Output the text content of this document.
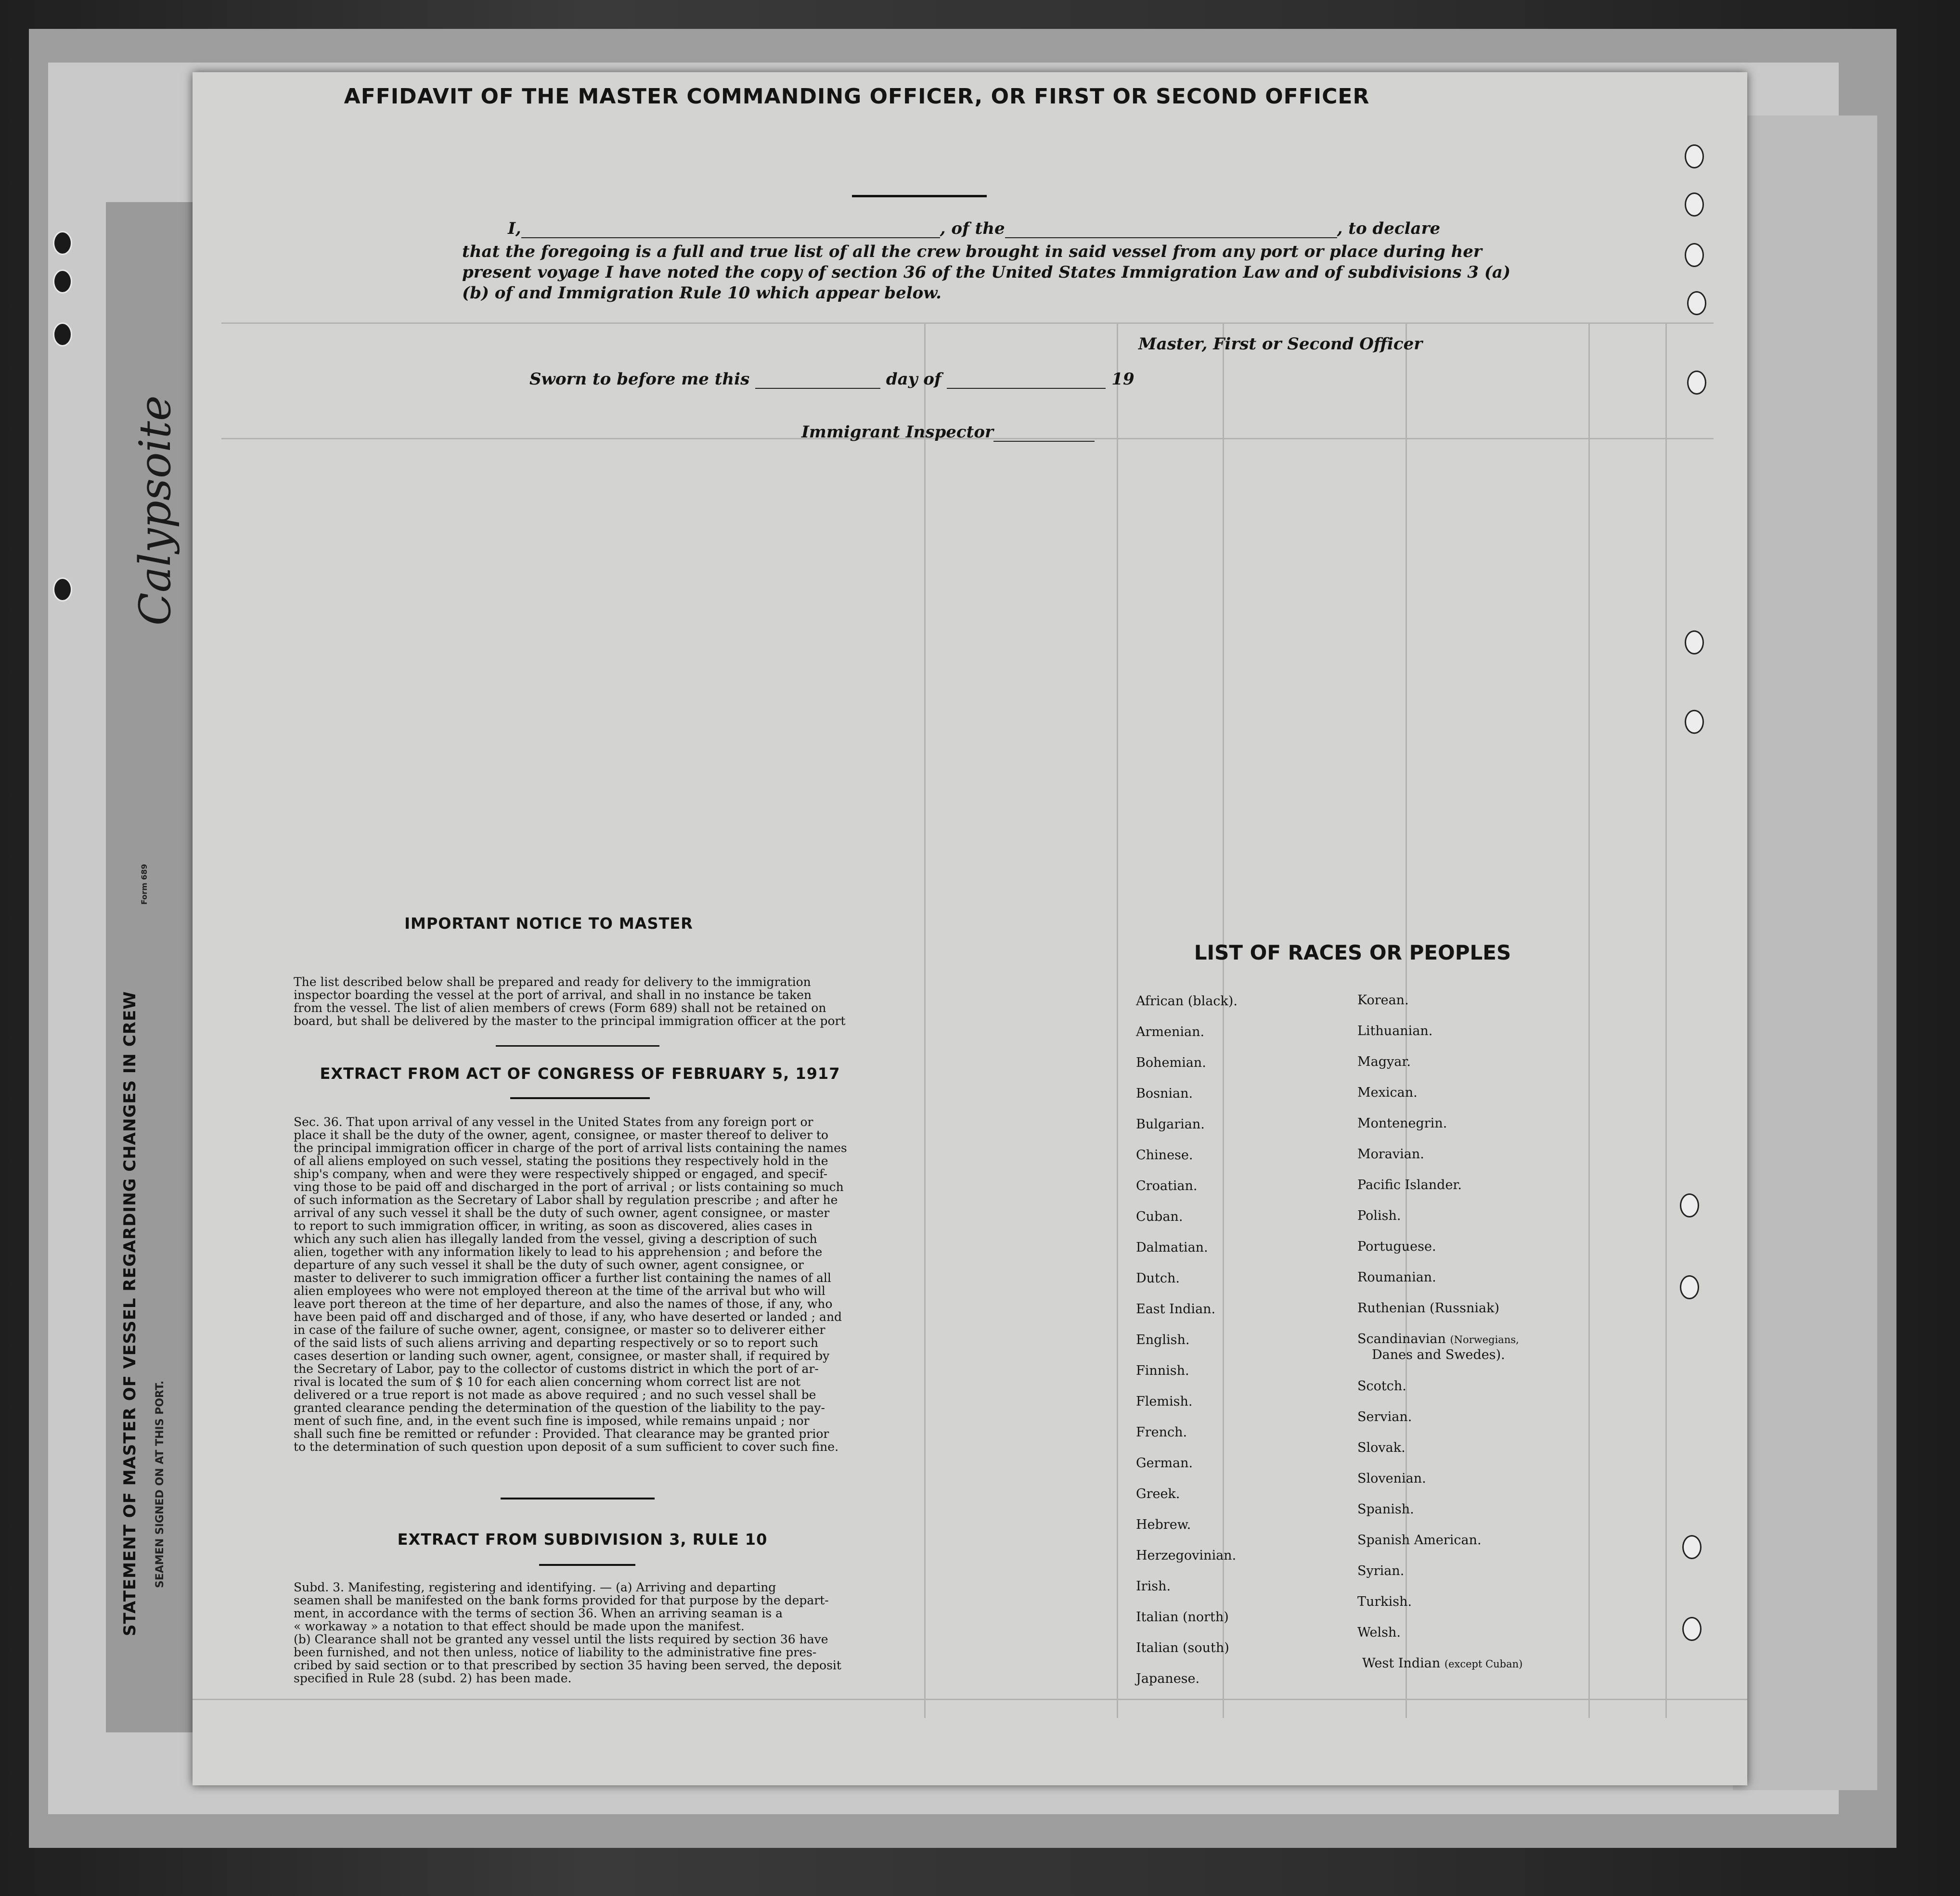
STATEMENT OF MASTER OF VESSEL REGARDING CHANGES IN CREW SEAMEN SIGNED ON AT THIS PORT.
Form 689
Calypsoite
AFFIDAVIT OF THE MASTER COMMANDING OFFICER, OR FIRST OR SECOND OFFICER
I,	, of the	, to declare
that the foregoing is a full and true list of all the crew brought in said vessel from any port or place during her
present voyage I have noted the copy of section 36 of the United States Immigration Law and of subdivisions 3 (a)
(b) of and Immigration Rule 10 which appear below.
Master, First or Second Officer
Sworn to before me this	day of	19
Immigrant Inspector
IMPORTANT NOTICE TO MASTER
The list described below shall be prepared and ready for delivery to the immigration
inspector boarding the vessel at the port of arrival, and shall in no instance be taken
from the vessel. The list of alien members of crews (Form 689) shall not be retained on
board, but shall be delivered by the master to the principal immigration officer at the port
EXTRACT FROM ACT OF CONGRESS OF FEBRUARY 5, 1917
Sec. 36. That upon arrival of any vessel in the United States from any foreign port or
place it shall be the duty of the owner, agent, consignee, or master thereof to deliver to
the principal immigration officer in charge of the port of arrival lists containing the names
of all aliens employed on such vessel, stating the positions they respectively hold in the
ship's company, when and were they were respectively shipped or engaged, and specif-
ving those to be paid off and discharged in the port of arrival ; or lists containing so much
of such information as the Secretary of Labor shall by regulation prescribe ; and after he
arrival of any such vessel it shall be the duty of such owner, agent consignee, or master
to report to such immigration officer, in writing, as soon as discovered, alies cases in
which any such alien has illegally landed from the vessel, giving a description of such
alien, together with any information likely to lead to his apprehension ; and before the
departure of any such vessel it shall be the duty of such owner, agent consignee, or
master to deliverer to such immigration officer a further list containing the names of all
alien employees who were not employed thereon at the time of the arrival but who will
leave port thereon at the time of her departure, and also the names of those, if any, who
have been paid off and discharged and of those, if any, who have deserted or landed ; and
in case of the failure of suche owner, agent, consignee, or master so to deliverer either
of the said lists of such aliens arriving and departing respectively or so to report such
cases desertion or landing such owner, agent, consignee, or master shall, if required by
the Secretary of Labor, pay to the collector of customs district in which the port of ar-
rival is located the sum of $ 10 for each alien concerning whom correct list are not
delivered or a true report is not made as above required ; and no such vessel shall be
granted clearance pending the determination of the question of the liability to the pay-
ment of such fine, and, in the event such fine is imposed, while remains unpaid ; nor
shall such fine be remitted or refunder : Provided. That clearance may be granted prior
to the determination of such question upon deposit of a sum sufficient to cover such fine.
EXTRACT FROM SUBDIVISION 3, RULE 10
Subd. 3. Manifesting, registering and identifying. — (a) Arriving and departing
seamen shall be manifested on the bank forms provided for that purpose by the depart-
ment, in accordance with the terms of section 36. When an arriving seaman is a
« workaway » a notation to that effect should be made upon the manifest.
(b) Clearance shall not be granted any vessel until the lists required by section 36 have
been furnished, and not then unless, notice of liability to the administrative fine pres-
cribed by said section or to that prescribed by section 35 having been served, the deposit
specified in Rule 28 (subd. 2) has been made.
LIST OF RACES OR PEOPLES
African (black).
Armenian.
Bohemian.
Bosnian.
Bulgarian.
Chinese.
Croatian.
Cuban.
Dalmatian.
Dutch.
East Indian.
English.
Finnish.
Flemish.
French.
German.
Greek.
Hebrew.
Herzegovinian.
Irish.
Italian (north)
Italian (south)
Japanese.
Korean.
Lithuanian.
Magyar.
Mexican.
Montenegrin.
Moravian.
Pacific Islander.
Polish.
Portuguese.
Roumanian.
Ruthenian (Russniak)
Scandinavian (Norwegians,
Danes and Swedes).
Scotch.
Servian.
Slovak.
Slovenian.
Spanish.
Spanish American.
Syrian.
Turkish.
Welsh.
West Indian (except Cuban)
